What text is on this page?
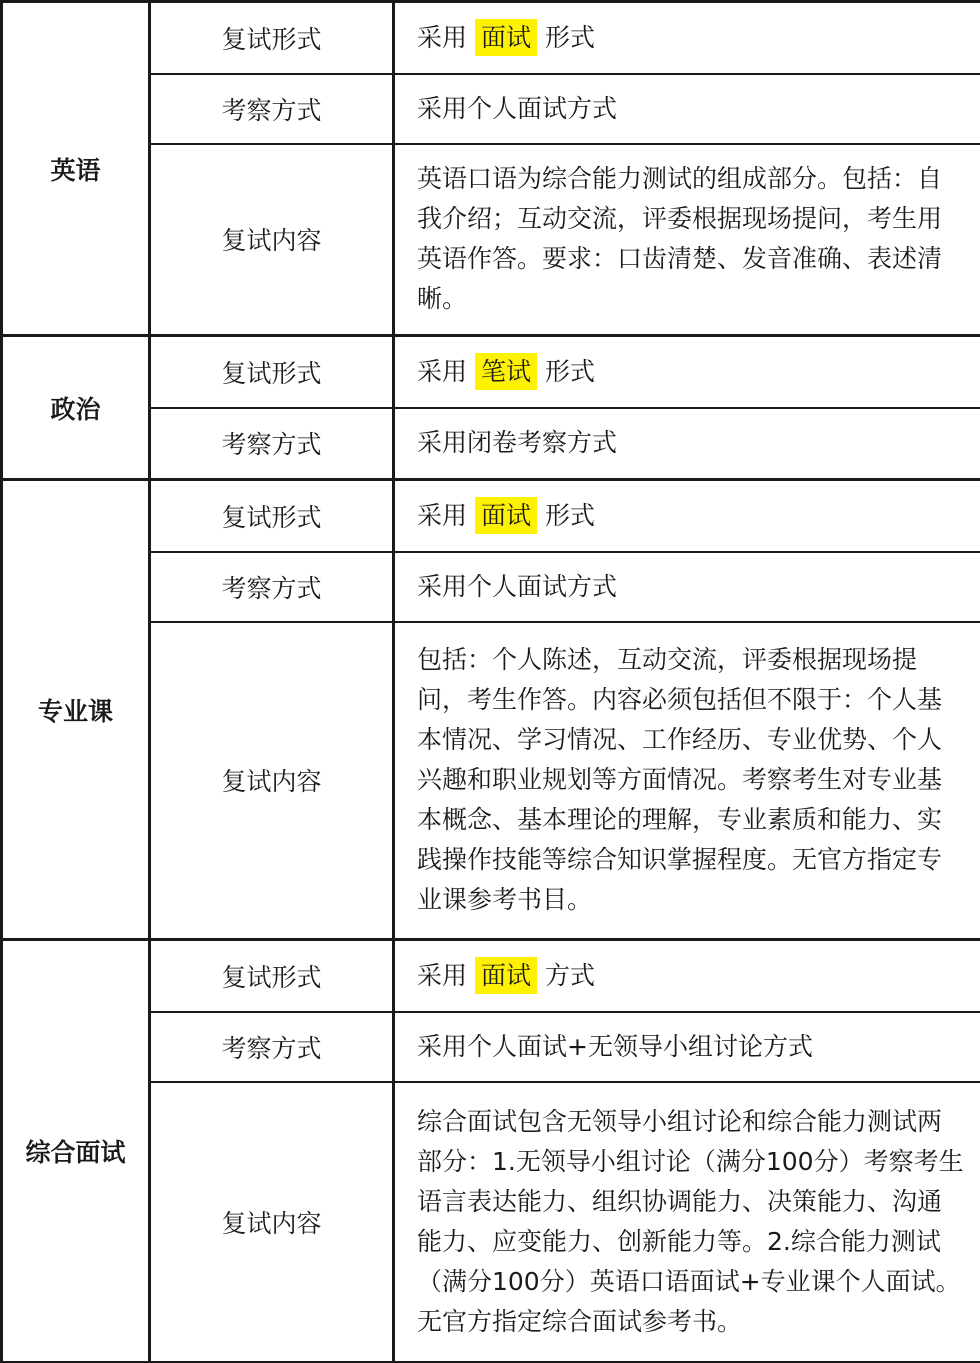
英语	复试形式	采用 面试 形式
	考察方式	采用个人面试方式
	复试内容	英语口语为综合能力测试的组成部分。包括：自我介绍；互动交流，评委根据现场提问，考生用英语作答。要求：口齿清楚、发音准确、表述清晰。
政治	复试形式	采用 笔试 形式
	考察方式	采用闭卷考察方式
专业课	复试形式	采用 面试 形式
	考察方式	采用个人面试方式
	复试内容	包括：个人陈述，互动交流，评委根据现场提问，考生作答。内容必须包括但不限于：个人基本情况、学习情况、工作经历、专业优势、个人兴趣和职业规划等方面情况。考察考生对专业基本概念、基本理论的理解，专业素质和能力、实践操作技能等综合知识掌握程度。无官方指定专业课参考书目。
综合面试	复试形式	采用 面试 方式
	考察方式	采用个人面试+无领导小组讨论方式
	复试内容	综合面试包含无领导小组讨论和综合能力测试两部分：1.无领导小组讨论（满分100分）考察考生语言表达能力、组织协调能力、决策能力、沟通能力、应变能力、创新能力等。2.综合能力测试（满分100分）英语口语面试+专业课个人面试。无官方指定综合面试参考书。
